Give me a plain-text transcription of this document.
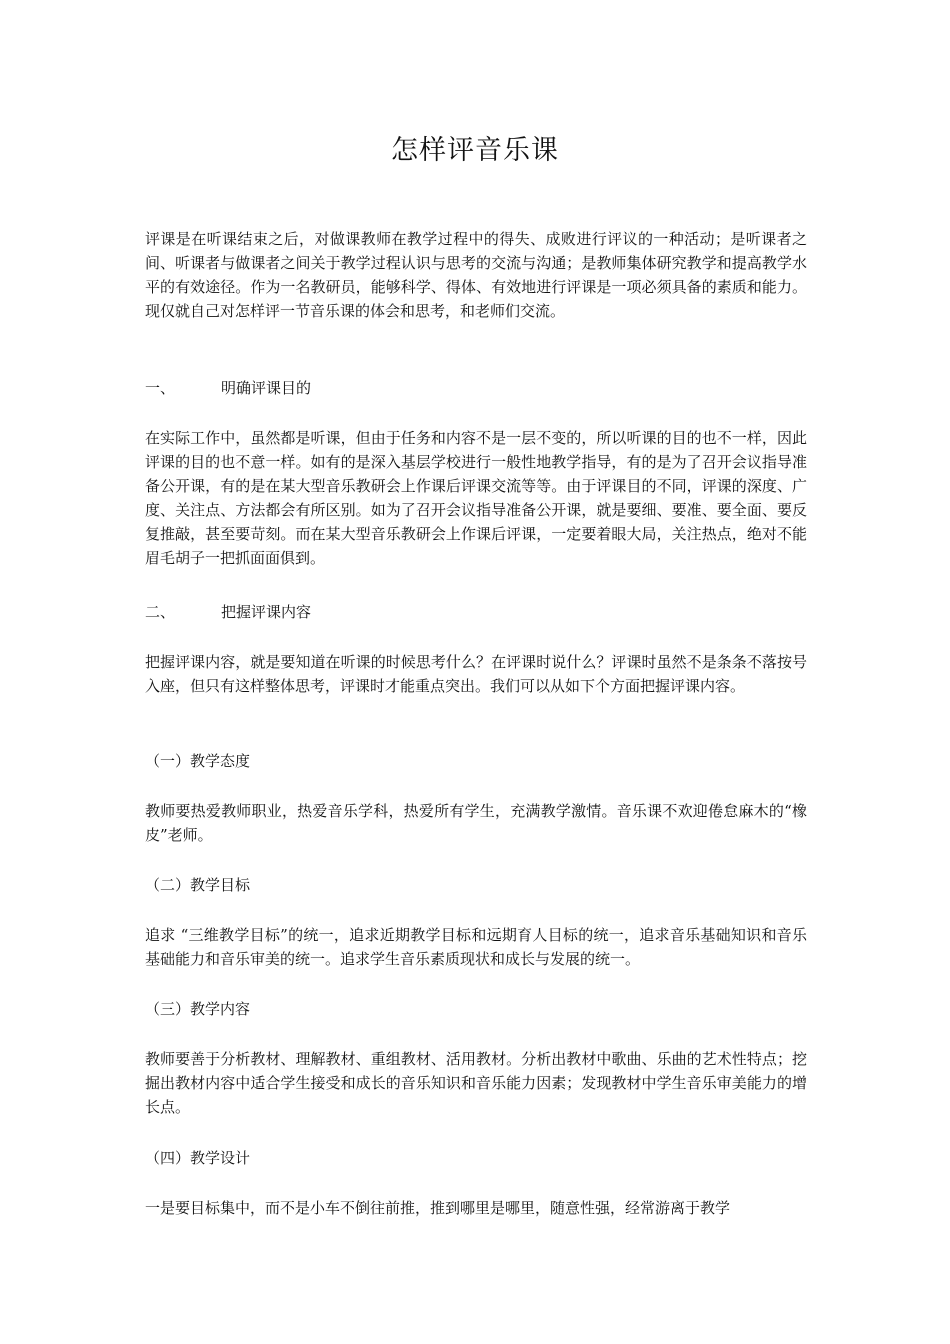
怎样评音乐课
评课是在听课结束之后，对做课教师在教学过程中的得失、成败进行评议的一种活动；是听课者之间、听课者与做课者之间关于教学过程认识与思考的交流与沟通；是教师集体研究教学和提高教学水平的有效途径。作为一名教研员，能够科学、得体、有效地进行评课是一项必须具备的素质和能力。现仅就自己对怎样评一节音乐课的体会和思考，和老师们交流。
一、	明确评课目的
在实际工作中，虽然都是听课，但由于任务和内容不是一层不变的，所以听课的目的也不一样，因此评课的目的也不意一样。如有的是深入基层学校进行一般性地教学指导，有的是为了召开会议指导准备公开课，有的是在某大型音乐教研会上作课后评课交流等等。由于评课目的不同，评课的深度、广度、关注点、方法都会有所区别。如为了召开会议指导准备公开课，就是要细、要准、要全面、要反复推敲，甚至要苛刻。而在某大型音乐教研会上作课后评课，一定要着眼大局，关注热点，绝对不能眉毛胡子一把抓面面俱到。
二、	把握评课内容
把握评课内容，就是要知道在听课的时候思考什么？在评课时说什么？评课时虽然不是条条不落按号入座，但只有这样整体思考，评课时才能重点突出。我们可以从如下个方面把握评课内容。
（一）教学态度
教师要热爱教师职业，热爱音乐学科，热爱所有学生，充满教学激情。音乐课不欢迎倦怠麻木的“橡皮”老师。
（二）教学目标
追求 “三维教学目标”的统一，追求近期教学目标和远期育人目标的统一，追求音乐基础知识和音乐基础能力和音乐审美的统一。追求学生音乐素质现状和成长与发展的统一。
（三）教学内容
教师要善于分析教材、理解教材、重组教材、活用教材。分析出教材中歌曲、乐曲的艺术性特点；挖掘出教材内容中适合学生接受和成长的音乐知识和音乐能力因素；发现教材中学生音乐审美能力的增长点。
（四）教学设计
一是要目标集中，而不是小车不倒往前推，推到哪里是哪里，随意性强，经常游离于教学
